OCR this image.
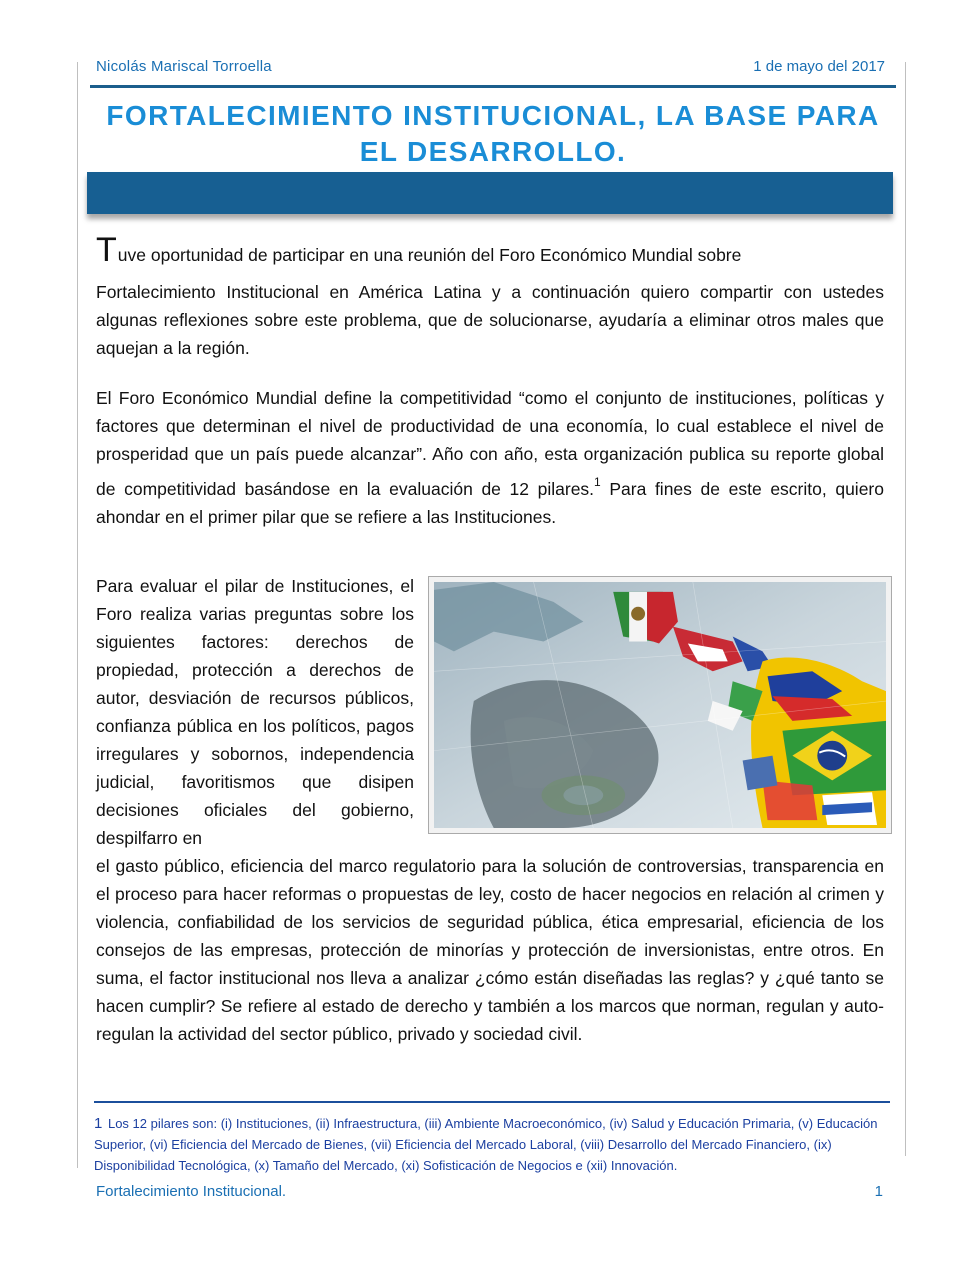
Nicolás Mariscal Torroella	1 de mayo del 2017
FORTALECIMIENTO INSTITUCIONAL, LA BASE PARA EL DESARROLLO.

Tuve oportunidad de participar en una reunión del Foro Económico Mundial sobre
Fortalecimiento Institucional en América Latina y a continuación quiero compartir con ustedes algunas reflexiones sobre este problema, que de solucionarse, ayudaría a eliminar otros males que aquejan a la región.

El Foro Económico Mundial define la competitividad “como el conjunto de instituciones, políticas y factores que determinan el nivel de productividad de una economía, lo cual establece el nivel de prosperidad que un país puede alcanzar”. Año con año, esta organización publica su reporte global de competitividad basándose en la evaluación de 12 pilares.$^1$ Para fines de este escrito, quiero ahondar en el primer pilar que se refiere a las Instituciones.

Para evaluar el pilar de Instituciones, el Foro realiza varias preguntas sobre los siguientes factores: derechos de propiedad, protección a derechos de autor, desviación de recursos públicos, confianza pública en los políticos, pagos irregulares y sobornos, independencia judicial, favoritismos que disipen decisiones oficiales del gobierno, despilfarro en

el gasto público, eficiencia del marco regulatorio para la solución de controversias, transparencia en el proceso para hacer reformas o propuestas de ley, costo de hacer negocios en relación al crimen y violencia, confiabilidad de los servicios de seguridad pública, ética empresarial, eficiencia de los consejos de las empresas, protección de minorías y protección de inversionistas, entre otros. En suma, el factor institucional nos lleva a analizar ¿cómo están diseñadas las reglas? y ¿qué tanto se hacen cumplir? Se refiere al estado de derecho y también a los marcos que norman, regulan y auto-regulan la actividad del sector público, privado y sociedad civil.

1 Los 12 pilares son: (i) Instituciones, (ii) Infraestructura, (iii) Ambiente Macroeconómico, (iv) Salud y Educación Primaria, (v) Educación Superior, (vi) Eficiencia del Mercado de Bienes, (vii) Eficiencia del Mercado Laboral, (viii) Desarrollo del Mercado Financiero, (ix) Disponibilidad Tecnológica, (x) Tamaño del Mercado, (xi) Sofisticación de Negocios e (xii) Innovación.

Fortalecimiento Institucional.	1
